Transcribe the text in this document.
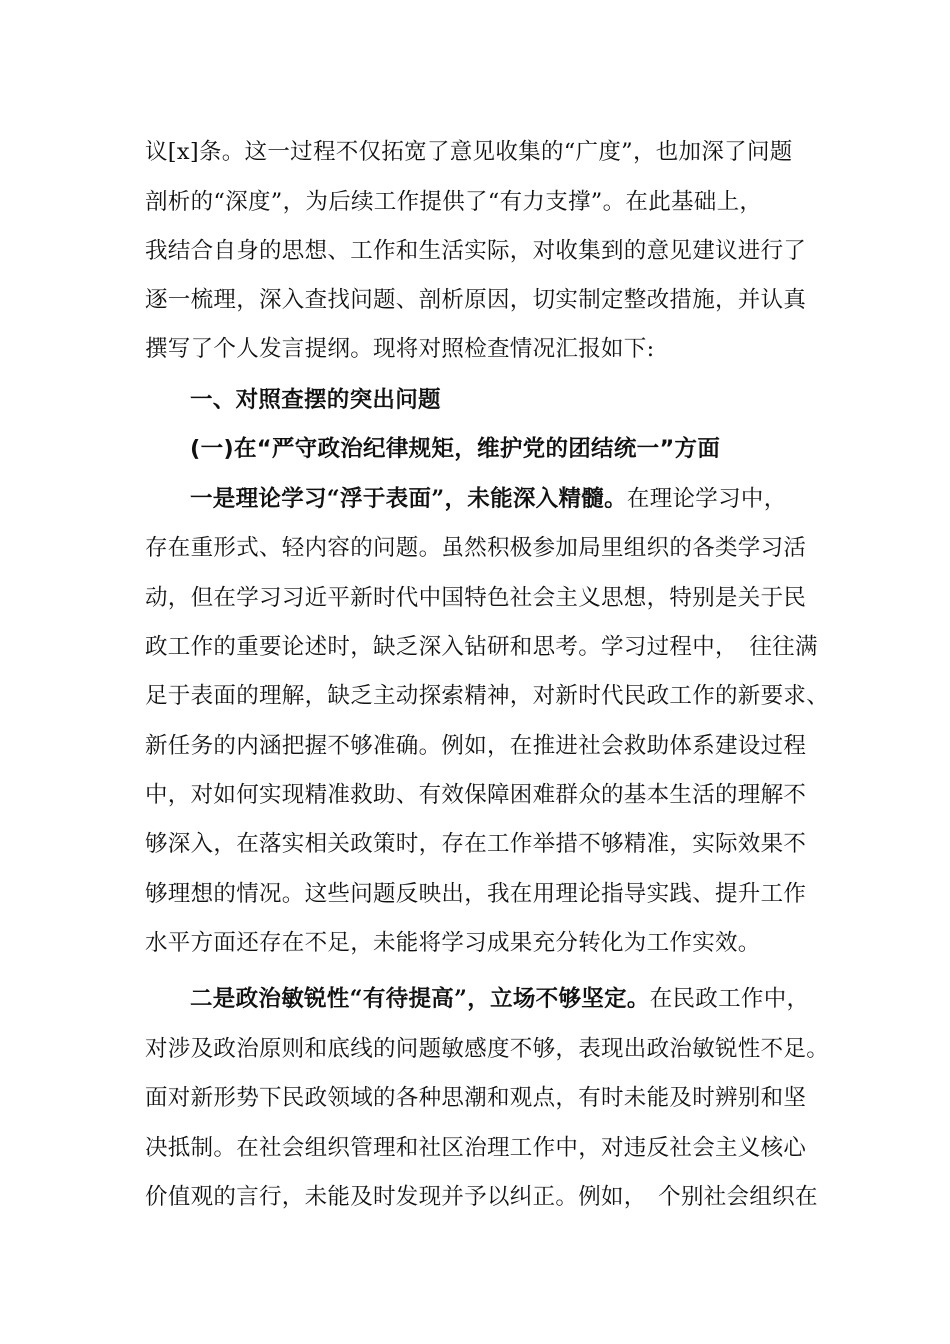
议[x]条。这一过程不仅拓宽了意见收集的“广度”，也加深了问题
剖析的“深度”，为后续工作提供了“有力支撑”。在此基础上，
我结合自身的思想、工作和生活实际，对收集到的意见建议进行了
逐一梳理，深入查找问题、剖析原因，切实制定整改措施，并认真
撰写了个人发言提纲。现将对照检查情况汇报如下:
一、对照查摆的突出问题
(一)在“严守政治纪律规矩，维护党的团结统一”方面
一是理论学习“浮于表面”，未能深入精髓。在理论学习中，
存在重形式、轻内容的问题。虽然积极参加局里组织的各类学习活
动，但在学习习近平新时代中国特色社会主义思想，特别是关于民
政工作的重要论述时，缺乏深入钻研和思考。学习过程中，　往往满
足于表面的理解，缺乏主动探索精神，对新时代民政工作的新要求、
新任务的内涵把握不够准确。例如，在推进社会救助体系建设过程
中，对如何实现精准救助、有效保障困难群众的基本生活的理解不
够深入，在落实相关政策时，存在工作举措不够精准，实际效果不
够理想的情况。这些问题反映出，我在用理论指导实践、提升工作
水平方面还存在不足，未能将学习成果充分转化为工作实效。
二是政治敏锐性“有待提高”，立场不够坚定。在民政工作中，
对涉及政治原则和底线的问题敏感度不够，表现出政治敏锐性不足。
面对新形势下民政领域的各种思潮和观点，有时未能及时辨别和坚
决抵制。在社会组织管理和社区治理工作中，对违反社会主义核心
价值观的言行，未能及时发现并予以纠正。例如，　个别社会组织在
